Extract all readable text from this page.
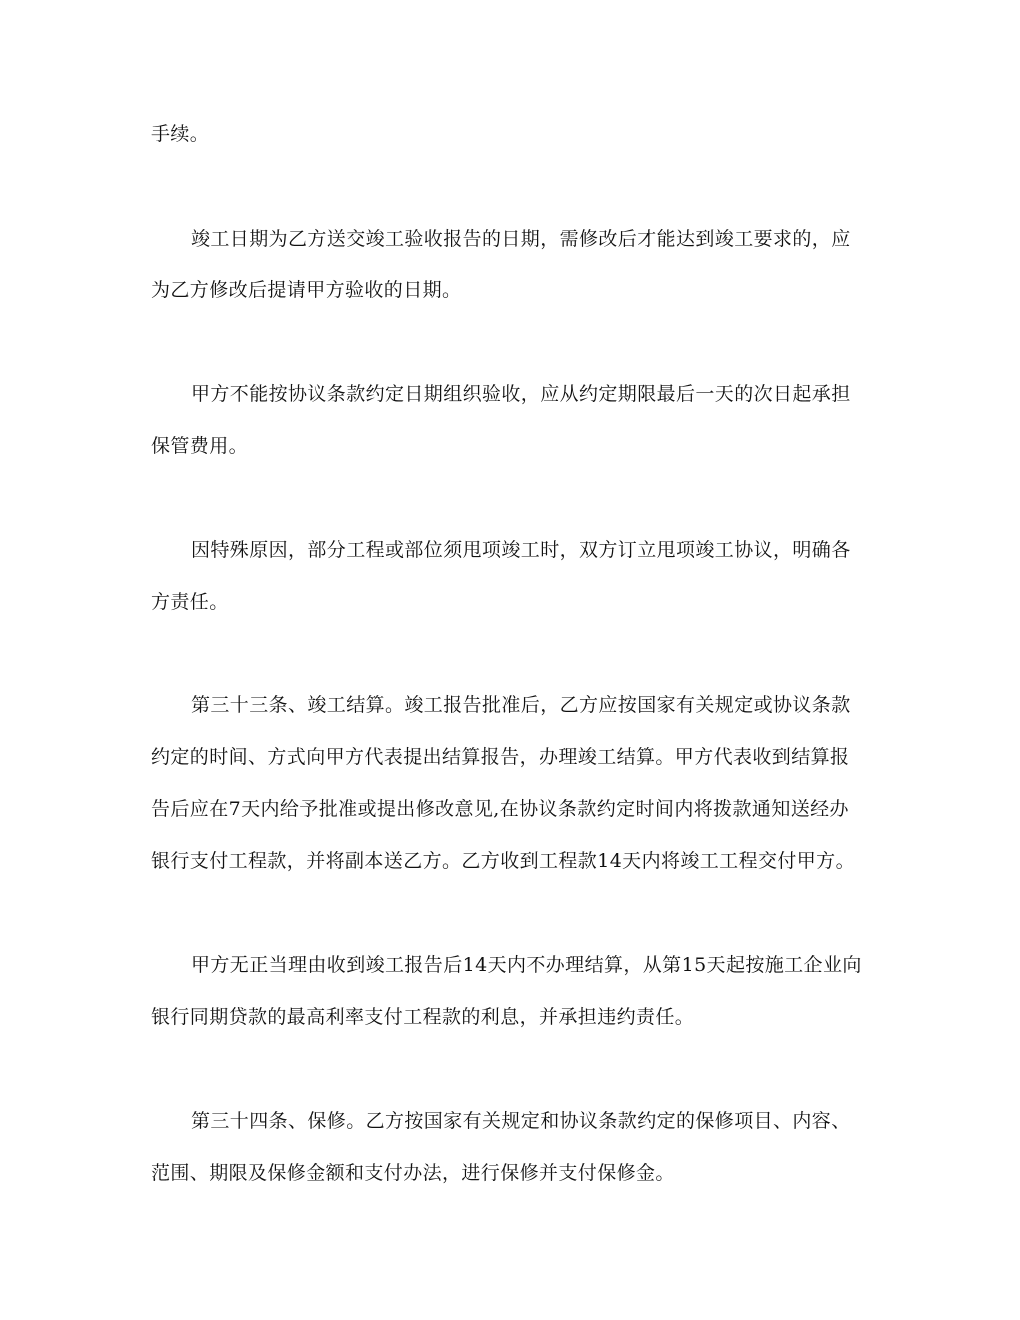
手续。
竣工日期为乙方送交竣工验收报告的日期，需修改后才能达到竣工要求的，应
为乙方修改后提请甲方验收的日期。
甲方不能按协议条款约定日期组织验收，应从约定期限最后一天的次日起承担
保管费用。
因特殊原因，部分工程或部位须甩项竣工时，双方订立甩项竣工协议，明确各
方责任。
第三十三条、竣工结算。竣工报告批准后，乙方应按国家有关规定或协议条款
约定的时间、方式向甲方代表提出结算报告，办理竣工结算。甲方代表收到结算报
告后应在7天内给予批准或提出修改意见,在协议条款约定时间内将拨款通知送经办
银行支付工程款，并将副本送乙方。乙方收到工程款14天内将竣工工程交付甲方。
甲方无正当理由收到竣工报告后14天内不办理结算，从第15天起按施工企业向
银行同期贷款的最高利率支付工程款的利息，并承担违约责任。
第三十四条、保修。乙方按国家有关规定和协议条款约定的保修项目、内容、
范围、期限及保修金额和支付办法，进行保修并支付保修金。
